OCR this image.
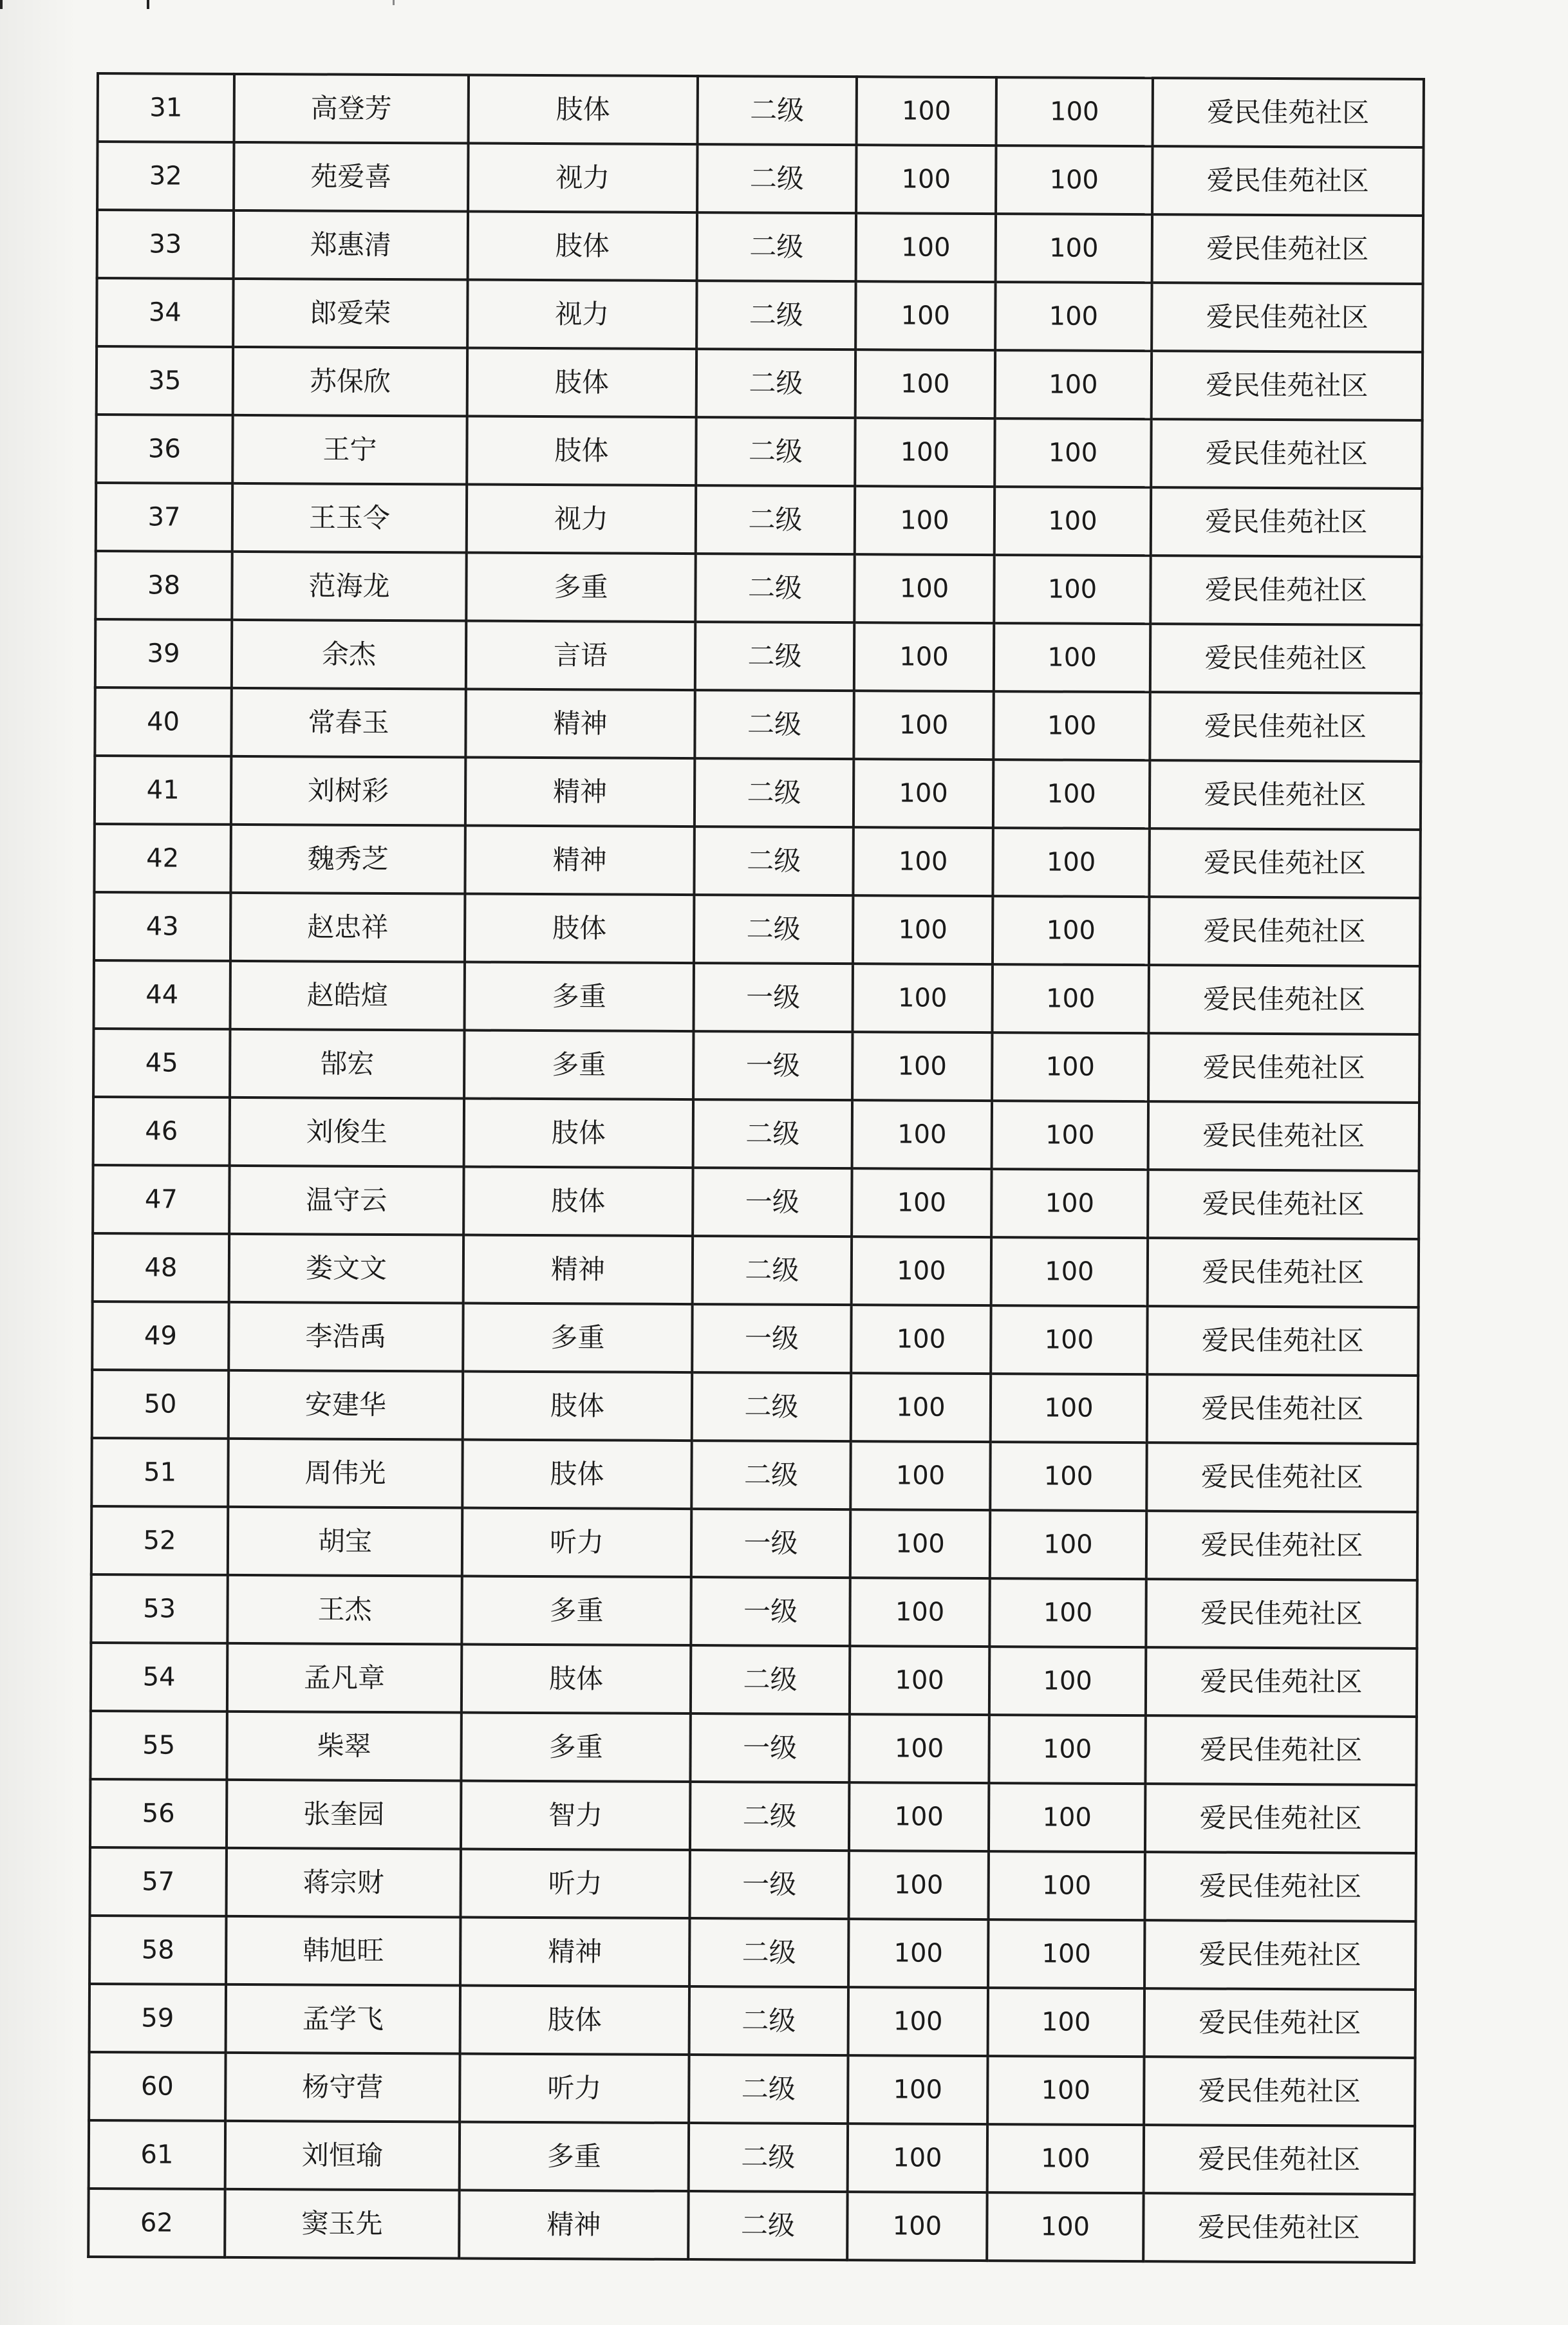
31	高登芳	肢体	二级	100	100	爱民佳苑社区
32	苑爱喜	视力	二级	100	100	爱民佳苑社区
33	郑惠清	肢体	二级	100	100	爱民佳苑社区
34	郎爱荣	视力	二级	100	100	爱民佳苑社区
35	苏保欣	肢体	二级	100	100	爱民佳苑社区
36	王宁	肢体	二级	100	100	爱民佳苑社区
37	王玉令	视力	二级	100	100	爱民佳苑社区
38	范海龙	多重	二级	100	100	爱民佳苑社区
39	余杰	言语	二级	100	100	爱民佳苑社区
40	常春玉	精神	二级	100	100	爱民佳苑社区
41	刘树彩	精神	二级	100	100	爱民佳苑社区
42	魏秀芝	精神	二级	100	100	爱民佳苑社区
43	赵忠祥	肢体	二级	100	100	爱民佳苑社区
44	赵皓煊	多重	一级	100	100	爱民佳苑社区
45	郜宏	多重	一级	100	100	爱民佳苑社区
46	刘俊生	肢体	二级	100	100	爱民佳苑社区
47	温守云	肢体	一级	100	100	爱民佳苑社区
48	娄文文	精神	二级	100	100	爱民佳苑社区
49	李浩禹	多重	一级	100	100	爱民佳苑社区
50	安建华	肢体	二级	100	100	爱民佳苑社区
51	周伟光	肢体	二级	100	100	爱民佳苑社区
52	胡宝	听力	一级	100	100	爱民佳苑社区
53	王杰	多重	一级	100	100	爱民佳苑社区
54	孟凡章	肢体	二级	100	100	爱民佳苑社区
55	柴翠	多重	一级	100	100	爱民佳苑社区
56	张奎园	智力	二级	100	100	爱民佳苑社区
57	蒋宗财	听力	一级	100	100	爱民佳苑社区
58	韩旭旺	精神	二级	100	100	爱民佳苑社区
59	孟学飞	肢体	二级	100	100	爱民佳苑社区
60	杨守营	听力	二级	100	100	爱民佳苑社区
61	刘恒瑜	多重	二级	100	100	爱民佳苑社区
62	窦玉先	精神	二级	100	100	爱民佳苑社区
